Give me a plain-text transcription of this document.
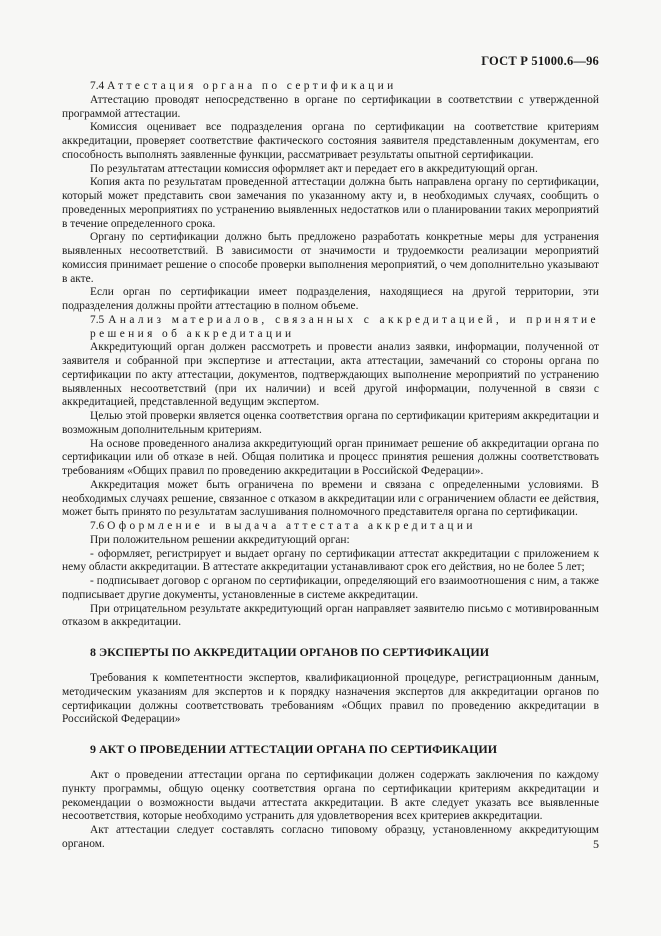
ГОСТ Р 51000.6—96
7.4 Аттестация органа по сертификации

Аттестацию проводят непосредственно в органе по сертификации в соответствии с утвержденной программой аттестации.

Комиссия оценивает все подразделения органа по сертификации на соответствие критериям аккредитации, проверяет соответствие фактического состояния заявителя представленным документам, его способность выполнять заявленные функции, рассматривает результаты опытной сертификации.

По результатам аттестации комиссия оформляет акт и передает его в аккредитующий орган.

Копия акта по результатам проведенной аттестации должна быть направлена органу по сертификации, который может представить свои замечания по указанному акту и, в необходимых случаях, сообщить о проведенных мероприятиях по устранению выявленных недостатков или о планировании таких мероприятий в течение определенного срока.

Органу по сертификации должно быть предложено разработать конкретные меры для устранения выявленных несоответствий. В зависимости от значимости и трудоемкости реализации мероприятий комиссия принимает решение о способе проверки выполнения мероприятий, о чем дополнительно указывают в акте.

Если орган по сертификации имеет подразделения, находящиеся на другой территории, эти подразделения должны пройти аттестацию в полном объеме.

7.5 Анализ материалов, связанных с аккредитацией, и принятие решения об аккредитации

Аккредитующий орган должен рассмотреть и провести анализ заявки, информации, полученной от заявителя и собранной при экспертизе и аттестации, акта аттестации, замечаний со стороны органа по сертификации по акту аттестации, документов, подтверждающих выполнение мероприятий по устранению выявленных несоответствий (при их наличии) и всей другой информации, полученной в связи с аккредитацией, представленной ведущим экспертом.

Целью этой проверки является оценка соответствия органа по сертификации критериям аккредитации и возможным дополнительным критериям.

На основе проведенного анализа аккредитующий орган принимает решение об аккредитации органа по сертификации или об отказе в ней. Общая политика и процесс принятия решения должны соответствовать требованиям «Общих правил по проведению аккредитации в Российской Федерации».

Аккредитация может быть ограничена по времени и связана с определенными условиями. В необходимых случаях решение, связанное с отказом в аккредитации или с ограничением области ее действия, может быть принято по результатам заслушивания полномочного представителя органа по сертификации.

7.6 Оформление и выдача аттестата аккредитации

При положительном решении аккредитующий орган:

- оформляет, регистрирует и выдает органу по сертификации аттестат аккредитации с приложением к нему области аккредитации. В аттестате аккредитации устанавливают срок его действия, но не более 5 лет;

- подписывает договор с органом по сертификации, определяющий его взаимоотношения с ним, а также подписывает другие документы, установленные в системе аккредитации.

При отрицательном результате аккредитующий орган направляет заявителю письмо с мотивированным отказом в аккредитации.

8 ЭКСПЕРТЫ ПО АККРЕДИТАЦИИ ОРГАНОВ ПО СЕРТИФИКАЦИИ

Требования к компетентности экспертов, квалификационной процедуре, регистрационным данным, методическим указаниям для экспертов и к порядку назначения экспертов для аккредитации органов по сертификации должны соответствовать требованиям «Общих правил по проведению аккредитации в Российской Федерации»

9 АКТ О ПРОВЕДЕНИИ АТТЕСТАЦИИ ОРГАНА ПО СЕРТИФИКАЦИИ

Акт о проведении аттестации органа по сертификации должен содержать заключения по каждому пункту программы, общую оценку соответствия органа по сертификации критериям аккредитации и рекомендации о возможности выдачи аттестата аккредитации. В акте следует указать все выявленные несоответствия, которые необходимо устранить для удовлетворения всех критериев аккредитации.

Акт аттестации следует составлять согласно типовому образцу, установленному аккредитующим органом.	5
